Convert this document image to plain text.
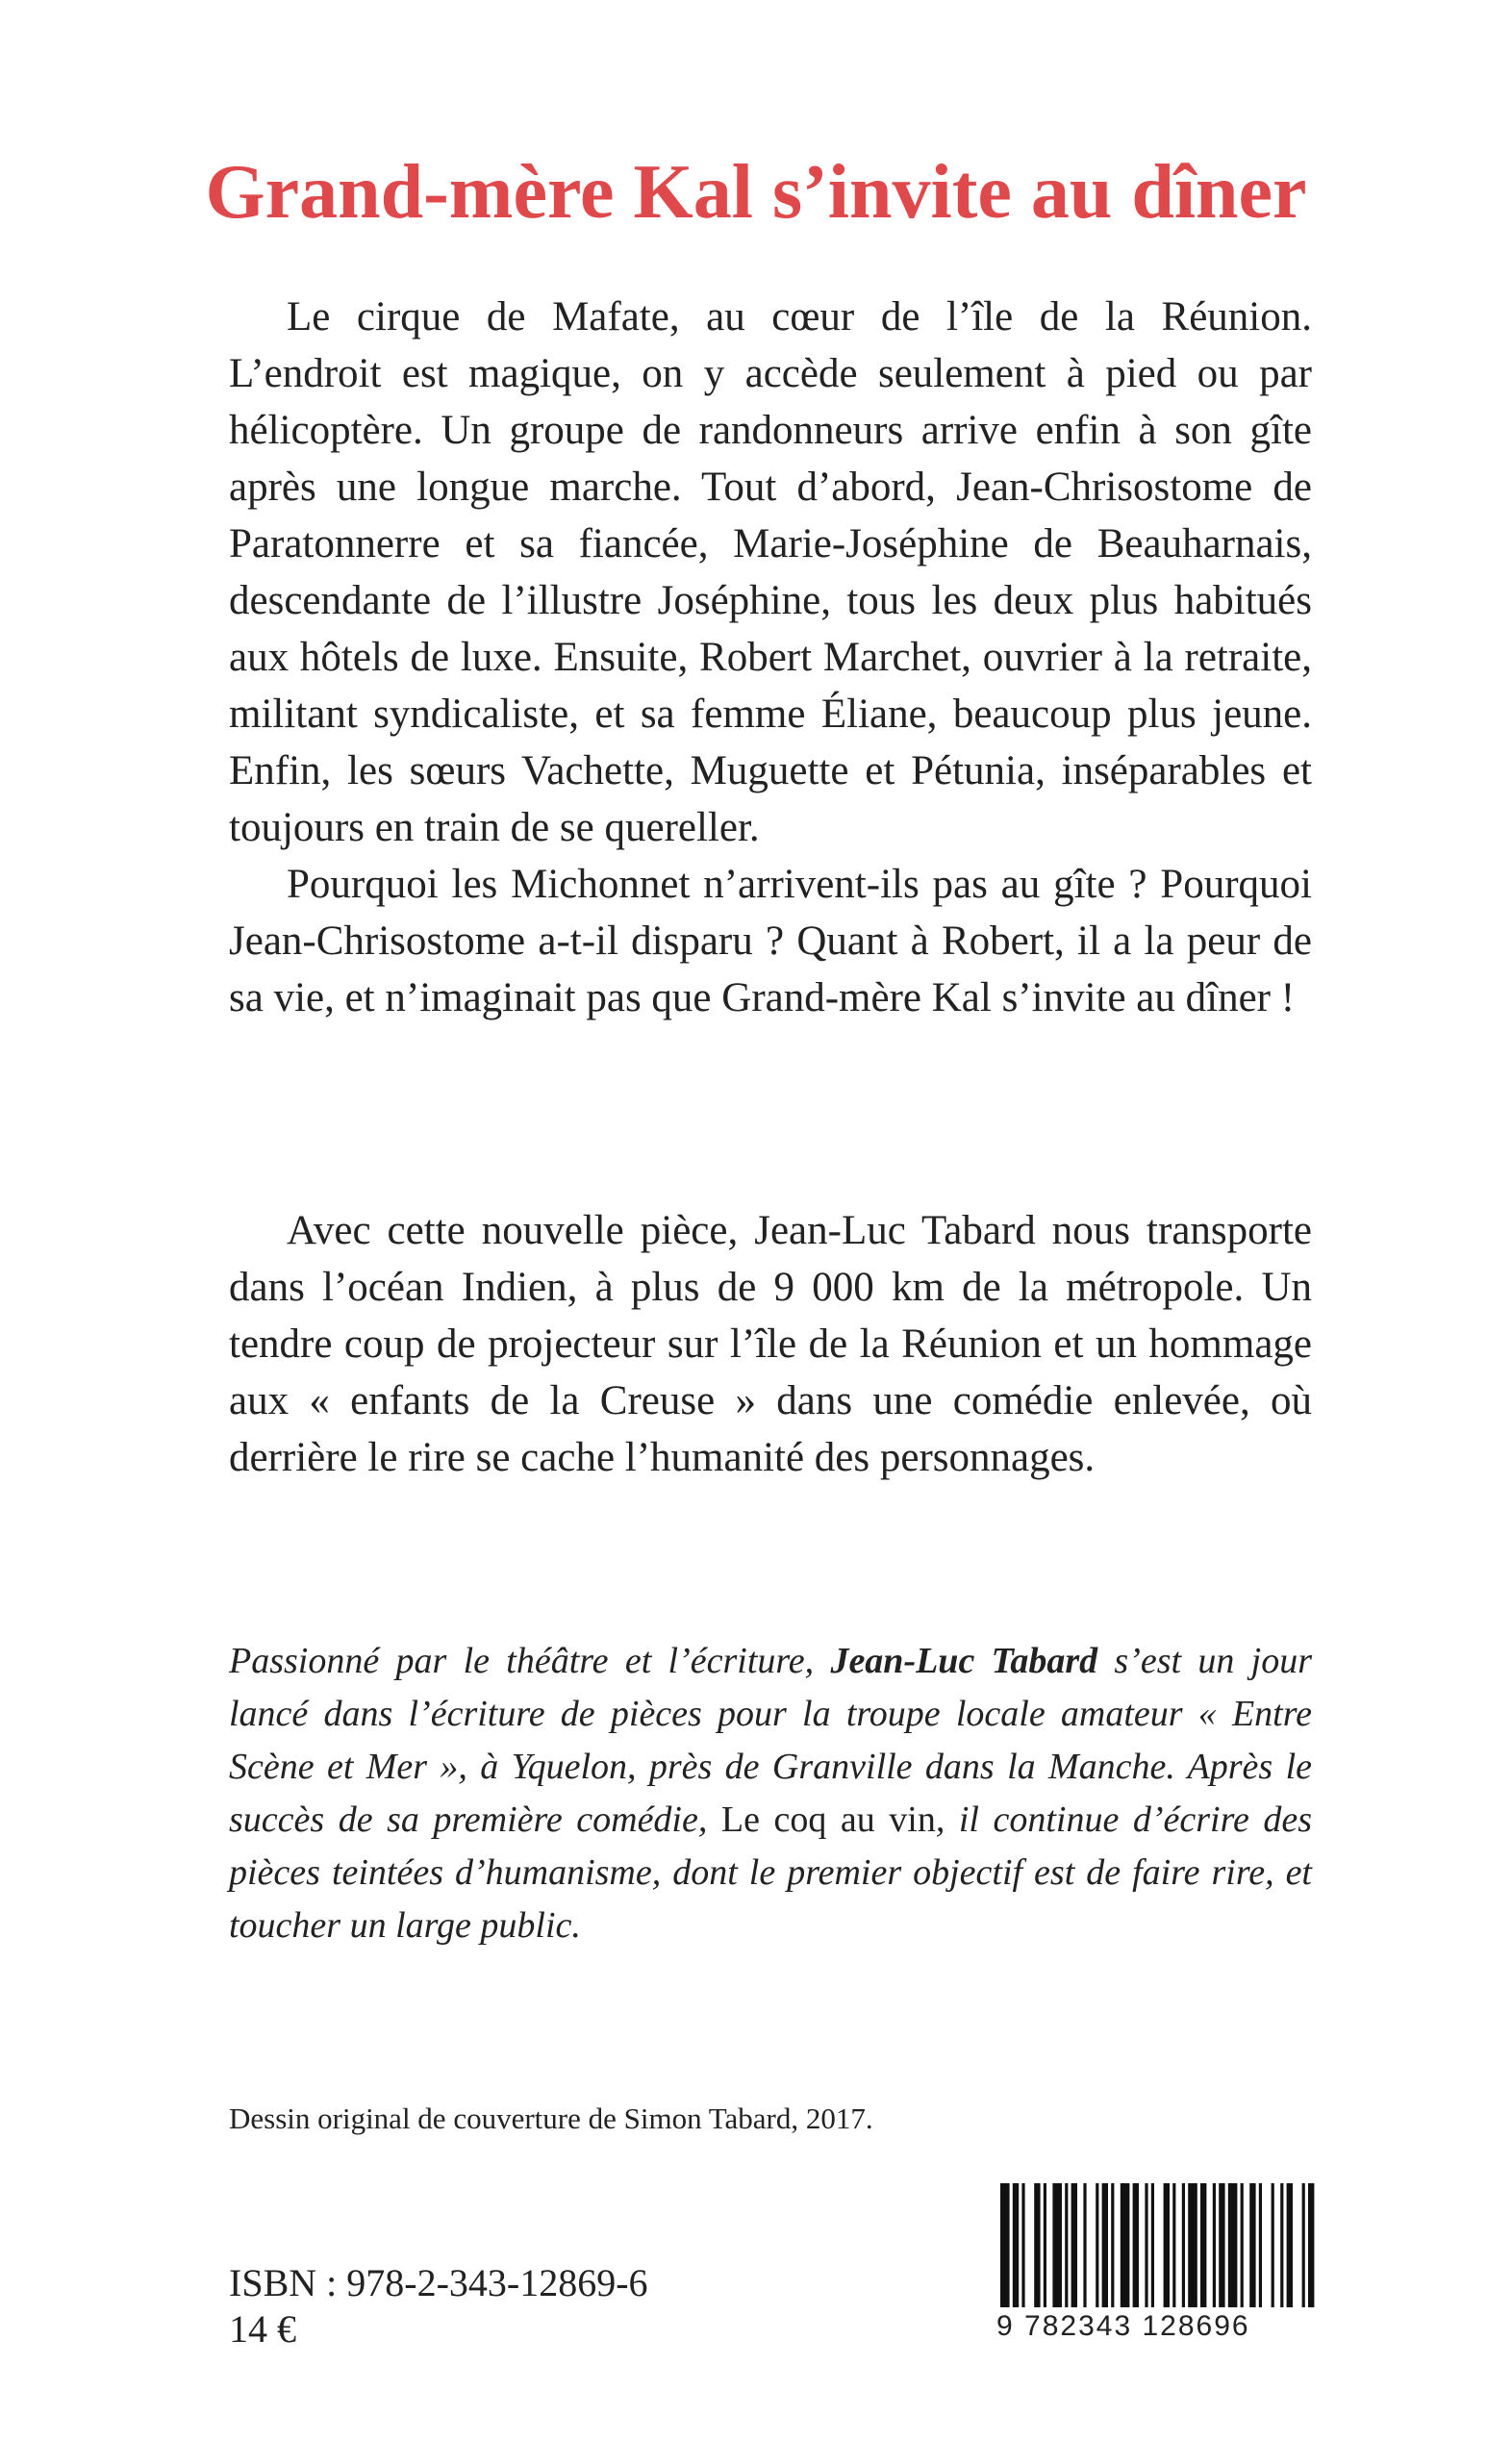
Grand-mère Kal s’invite au dîner

Le cirque de Mafate, au cœur de l’île de la Réunion. L’endroit est magique, on y accède seulement à pied ou par hélicoptère. Un groupe de randonneurs arrive enfin à son gîte après une longue marche. Tout d’abord, Jean-Chrisostome de Paratonnerre et sa fiancée, Marie-Joséphine de Beauharnais, descendante de l’illustre Joséphine, tous les deux plus habitués aux hôtels de luxe. Ensuite, Robert Marchet, ouvrier à la retraite, militant syndicaliste, et sa femme Éliane, beaucoup plus jeune. Enfin, les sœurs Vachette, Muguette et Pétunia, inséparables et toujours en train de se quereller.

Pourquoi les Michonnet n’arrivent-ils pas au gîte ? Pourquoi Jean-Chrisostome a-t-il disparu ? Quant à Robert, il a la peur de sa vie, et n’imaginait pas que Grand-mère Kal s’invite au dîner !

Avec cette nouvelle pièce, Jean-Luc Tabard nous transporte dans l’océan Indien, à plus de 9 000 km de la métropole. Un tendre coup de projecteur sur l’île de la Réunion et un hommage aux « enfants de la Creuse » dans une comédie enlevée, où derrière le rire se cache l’humanité des personnages.

Passionné par le théâtre et l’écriture, Jean-Luc Tabard s’est un jour lancé dans l’écriture de pièces pour la troupe locale amateur « Entre Scène et Mer », à Yquelon, près de Granville dans la Manche. Après le succès de sa première comédie, Le coq au vin, il continue d’écrire des pièces teintées d’humanisme, dont le premier objectif est de faire rire, et toucher un large public.

Dessin original de couverture de Simon Tabard, 2017.

ISBN : 978-2-343-12869-6
14 €	9 782343 128696
